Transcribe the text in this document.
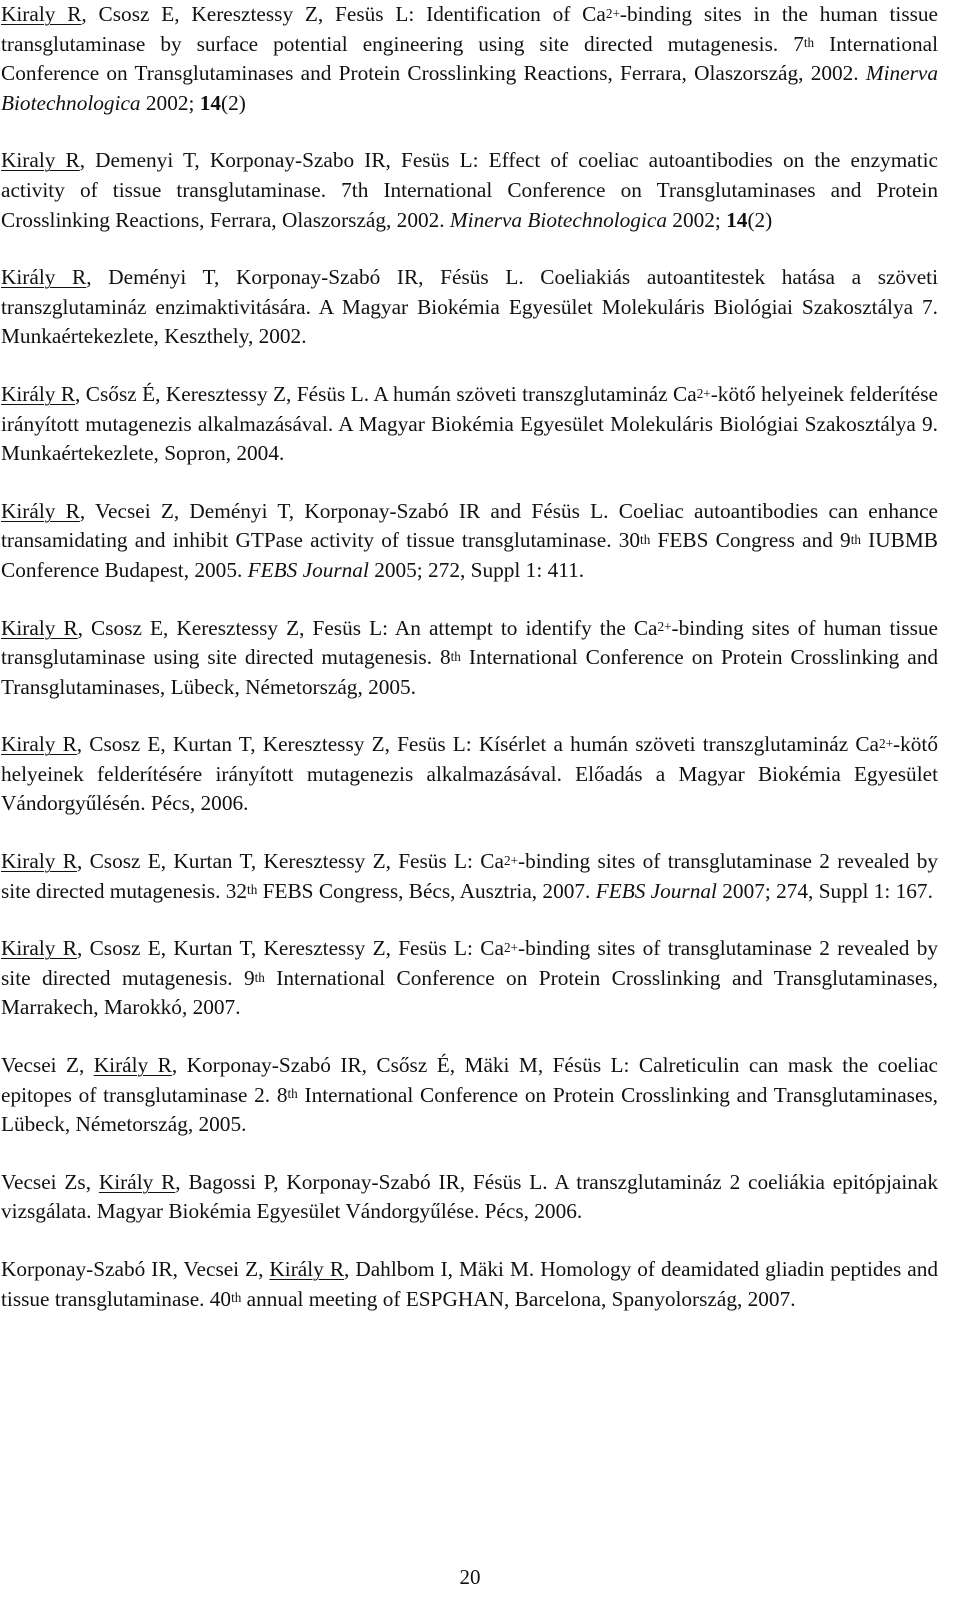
Kiraly R, Csosz E, Keresztessy Z, Fesüs L: Identification of $Ca^{2+}$-binding sites in the human tissue transglutaminase by surface potential engineering using site directed mutagenesis. 7th International Conference on Transglutaminases and Protein Crosslinking Reactions, Ferrara, Olaszország, 2002. Minerva Biotechnologica 2002; 14(2)

Kiraly R, Demenyi T, Korponay-Szabo IR, Fesüs L: Effect of coeliac autoantibodies on the enzymatic activity of tissue transglutaminase. 7th International Conference on Transglutaminases and Protein Crosslinking Reactions, Ferrara, Olaszország, 2002. Minerva Biotechnologica 2002; 14(2)

Király R, Deményi T, Korponay-Szabó IR, Fésüs L. Coeliakiás autoantitestek hatása a szöveti transzglutamináz enzimaktivitására. A Magyar Biokémia Egyesület Molekuláris Biológiai Szakosztálya 7. Munkaértekezlete, Keszthely, 2002.

Király R, Csősz É, Keresztessy Z, Fésüs L. A humán szöveti transzglutamináz $Ca^{2+}$-kötő helyeinek felderítése irányított mutagenezis alkalmazásával. A Magyar Biokémia Egyesület Molekuláris Biológiai Szakosztálya 9. Munkaértekezlete, Sopron, 2004.

Király R, Vecsei Z, Deményi T, Korponay-Szabó IR and Fésüs L. Coeliac autoantibodies can enhance transamidating and inhibit GTPase activity of tissue transglutaminase. 30th FEBS Congress and 9th IUBMB Conference Budapest, 2005. FEBS Journal 2005; 272, Suppl 1: 411.

Kiraly R, Csosz E, Keresztessy Z, Fesüs L: An attempt to identify the $Ca^{2+}$-binding sites of human tissue transglutaminase using site directed mutagenesis. 8th International Conference on Protein Crosslinking and Transglutaminases, Lübeck, Németország, 2005.

Kiraly R, Csosz E, Kurtan T, Keresztessy Z, Fesüs L: Kísérlet a humán szöveti transzglutamináz $Ca^{2+}$-kötő helyeinek felderítésére irányított mutagenezis alkalmazásával. Előadás a Magyar Biokémia Egyesület Vándorgyűlésén. Pécs, 2006.

Kiraly R, Csosz E, Kurtan T, Keresztessy Z, Fesüs L: $Ca^{2+}$-binding sites of transglutaminase 2 revealed by site directed mutagenesis. 32th FEBS Congress, Bécs, Ausztria, 2007. FEBS Journal 2007; 274, Suppl 1: 167.

Kiraly R, Csosz E, Kurtan T, Keresztessy Z, Fesüs L: $Ca^{2+}$-binding sites of transglutaminase 2 revealed by site directed mutagenesis. 9th International Conference on Protein Crosslinking and Transglutaminases, Marrakech, Marokkó, 2007.

Vecsei Z, Király R, Korponay-Szabó IR, Csősz É, Mäki M, Fésüs L: Calreticulin can mask the coeliac epitopes of transglutaminase 2. 8th International Conference on Protein Crosslinking and Transglutaminases, Lübeck, Németország, 2005.

Vecsei Zs, Király R, Bagossi P, Korponay-Szabó IR, Fésüs L. A transzglutamináz 2 coeliákia epitópjainak vizsgálata. Magyar Biokémia Egyesület Vándorgyűlése. Pécs, 2006.

Korponay-Szabó IR, Vecsei Z, Király R, Dahlbom I, Mäki M. Homology of deamidated gliadin peptides and tissue transglutaminase. 40th annual meeting of ESPGHAN, Barcelona, Spanyolország, 2007.

20
